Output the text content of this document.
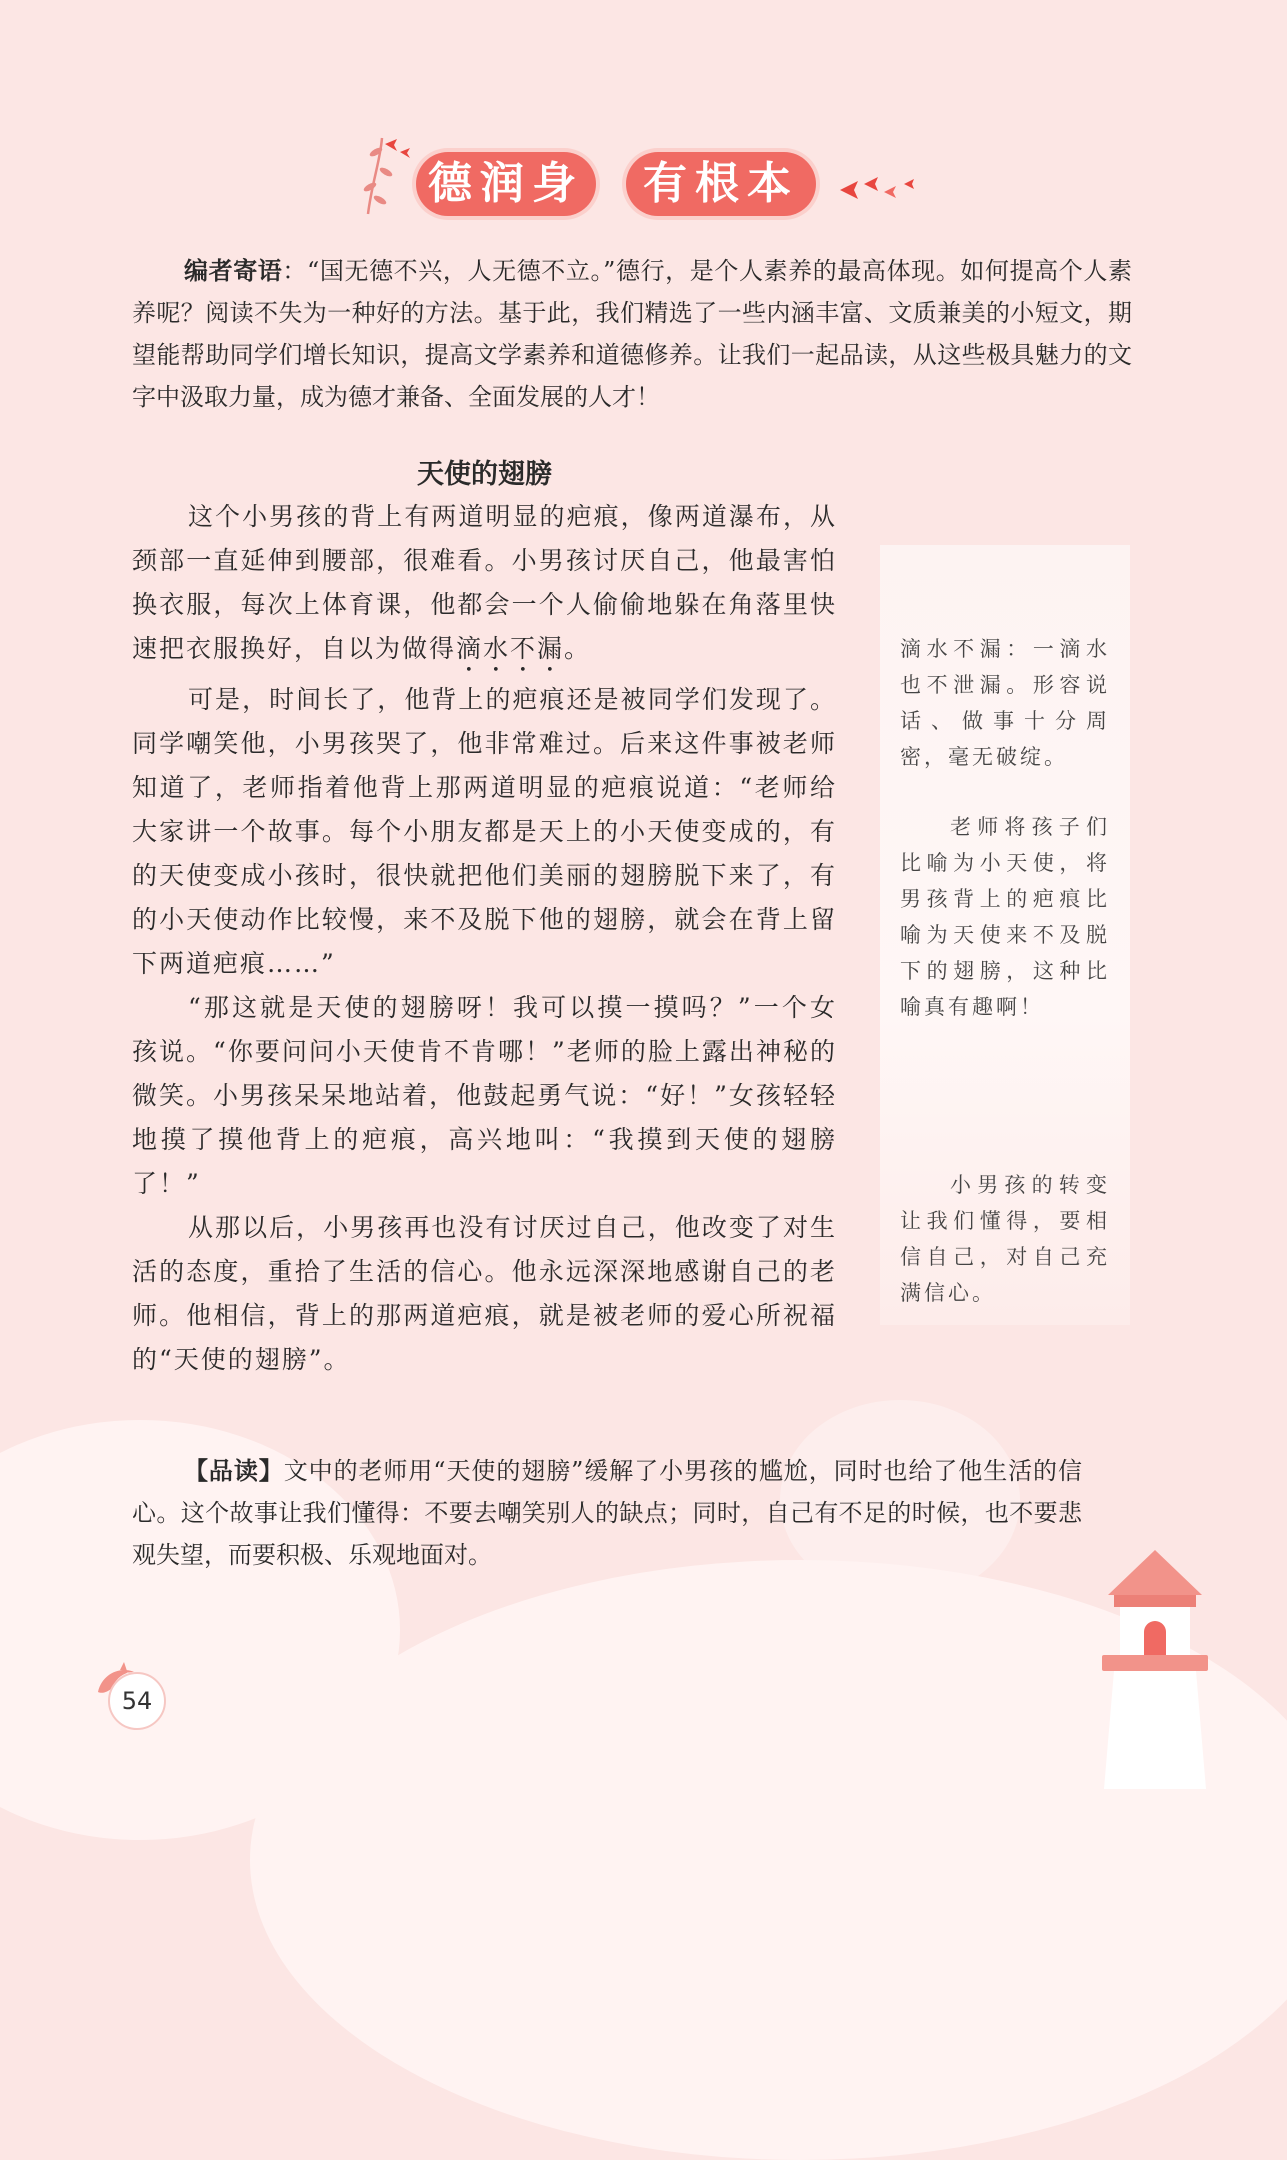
德润身	有根本
编者寄语：“国无德不兴，人无德不立。”德行，是个人素养的最高体现。如何提高个人素养呢？阅读不失为一种好的方法。基于此，我们精选了一些内涵丰富、文质兼美的小短文，期望能帮助同学们增长知识，提高文学素养和道德修养。让我们一起品读，从这些极具魅力的文字中汲取力量，成为德才兼备、全面发展的人才！
天使的翅膀

这个小男孩的背上有两道明显的疤痕，像两道瀑布，从颈部一直延伸到腰部，很难看。小男孩讨厌自己，他最害怕换衣服，每次上体育课，他都会一个人偷偷地躲在角落里快速把衣服换好，自以为做得滴水不漏。

可是，时间长了，他背上的疤痕还是被同学们发现了。同学嘲笑他，小男孩哭了，他非常难过。后来这件事被老师知道了，老师指着他背上那两道明显的疤痕说道：“老师给大家讲一个故事。每个小朋友都是天上的小天使变成的，有的天使变成小孩时，很快就把他们美丽的翅膀脱下来了，有的小天使动作比较慢，来不及脱下他的翅膀，就会在背上留下两道疤痕……”

“那这就是天使的翅膀呀！我可以摸一摸吗？”一个女孩说。“你要问问小天使肯不肯哪！”老师的脸上露出神秘的微笑。小男孩呆呆地站着，他鼓起勇气说：“好！”女孩轻轻地摸了摸他背上的疤痕，高兴地叫：“我摸到天使的翅膀了！”

从那以后，小男孩再也没有讨厌过自己，他改变了对生活的态度，重拾了生活的信心。他永远深深地感谢自己的老师。他相信，背上的那两道疤痕，就是被老师的爱心所祝福的“天使的翅膀”。

滴水不漏：一滴水也不泄漏。形容说话、做事十分周密，毫无破绽。
老师将孩子们比喻为小天使，将男孩背上的疤痕比喻为天使来不及脱下的翅膀，这种比喻真有趣啊！
小男孩的转变让我们懂得，要相信自己，对自己充满信心。
【品读】文中的老师用“天使的翅膀”缓解了小男孩的尴尬，同时也给了他生活的信心。这个故事让我们懂得：不要去嘲笑别人的缺点；同时，自己有不足的时候，也不要悲观失望，而要积极、乐观地面对。
54
